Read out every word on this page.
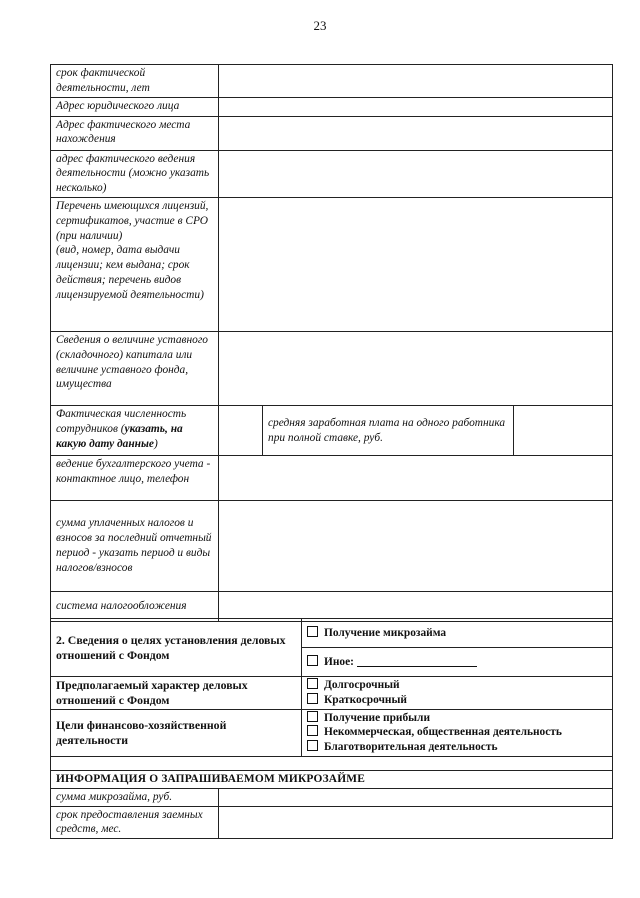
23
срок фактической деятельности, лет			
Адрес юридического лица			
Адрес фактического места нахождения			
адрес фактического ведения деятельности (можно указать несколько)			
Перечень имеющихся лицензий, сертификатов, участие в СРО (при наличии)
(вид, номер, дата выдачи лицензии; кем выдана; срок действия; перечень видов лицензируемой деятельности)			
Сведения о величине уставного (складочного) капитала или величине уставного фонда, имущества			
Фактическая численность сотрудников (указать, на какую дату данные)		средняя заработная плата на одного работника при полной ставке, руб.	
ведение бухгалтерского учета - контактное лицо, телефон			
сумма уплаченных налогов и взносов за последний отчетный период - указать период и виды налогов/взносов			
система налогообложения			
2. Сведения о целях установления деловых отношений с Фондом	Получение микрозайма
	Иное:
Предполагаемый характер деловых отношений с Фондом	Долгосрочный
Краткосрочный

Цели финансово-хозяйственной деятельности	Получение прибыли
Некоммерческая, общественная деятельность
Благотворительная деятельность

ИНФОРМАЦИЯ О ЗАПРАШИВАЕМОМ МИКРОЗАЙМЕ	
сумма микрозайма, руб.	
срок предоставления заемных средств, мес.	
